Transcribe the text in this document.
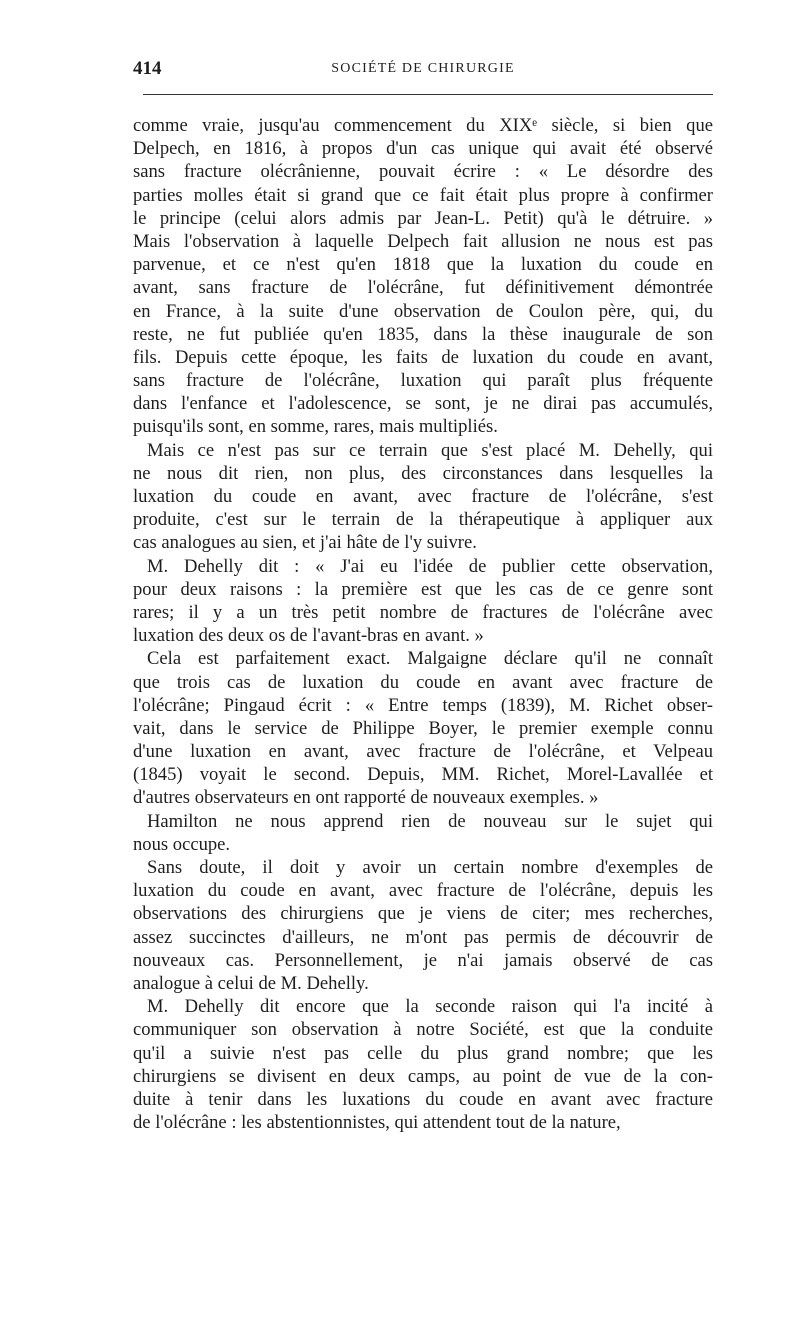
414	SOCIÉTÉ DE CHIRURGIE
comme vraie, jusqu'au commencement du XIXᵉ siècle, si bien que
Delpech, en 1816, à propos d'un cas unique qui avait été observé
sans fracture olécrânienne, pouvait écrire : « Le désordre des
parties molles était si grand que ce fait était plus propre à confirmer
le principe (celui alors admis par Jean-L. Petit) qu'à le détruire. »
Mais l'observation à laquelle Delpech fait allusion ne nous est pas
parvenue, et ce n'est qu'en 1818 que la luxation du coude en
avant, sans fracture de l'olécrâne, fut définitivement démontrée
en France, à la suite d'une observation de Coulon père, qui, du
reste, ne fut publiée qu'en 1835, dans la thèse inaugurale de son
fils. Depuis cette époque, les faits de luxation du coude en avant,
sans fracture de l'olécrâne, luxation qui paraît plus fréquente
dans l'enfance et l'adolescence, se sont, je ne dirai pas accumulés,
puisqu'ils sont, en somme, rares, mais multipliés.
Mais ce n'est pas sur ce terrain que s'est placé M. Dehelly, qui
ne nous dit rien, non plus, des circonstances dans lesquelles la
luxation du coude en avant, avec fracture de l'olécrâne, s'est
produite, c'est sur le terrain de la thérapeutique à appliquer aux
cas analogues au sien, et j'ai hâte de l'y suivre.
M. Dehelly dit : « J'ai eu l'idée de publier cette observation,
pour deux raisons : la première est que les cas de ce genre sont
rares; il y a un très petit nombre de fractures de l'olécrâne avec
luxation des deux os de l'avant-bras en avant. »
Cela est parfaitement exact. Malgaigne déclare qu'il ne connaît
que trois cas de luxation du coude en avant avec fracture de
l'olécrâne; Pingaud écrit : « Entre temps (1839), M. Richet obser-
vait, dans le service de Philippe Boyer, le premier exemple connu
d'une luxation en avant, avec fracture de l'olécrâne, et Velpeau
(1845) voyait le second. Depuis, MM. Richet, Morel-Lavallée et
d'autres observateurs en ont rapporté de nouveaux exemples. »
Hamilton ne nous apprend rien de nouveau sur le sujet qui
nous occupe.
Sans doute, il doit y avoir un certain nombre d'exemples de
luxation du coude en avant, avec fracture de l'olécrâne, depuis les
observations des chirurgiens que je viens de citer; mes recherches,
assez succinctes d'ailleurs, ne m'ont pas permis de découvrir de
nouveaux cas. Personnellement, je n'ai jamais observé de cas
analogue à celui de M. Dehelly.
M. Dehelly dit encore que la seconde raison qui l'a incité à
communiquer son observation à notre Société, est que la conduite
qu'il a suivie n'est pas celle du plus grand nombre; que les
chirurgiens se divisent en deux camps, au point de vue de la con-
duite à tenir dans les luxations du coude en avant avec fracture
de l'olécrâne : les abstentionnistes, qui attendent tout de la nature,
